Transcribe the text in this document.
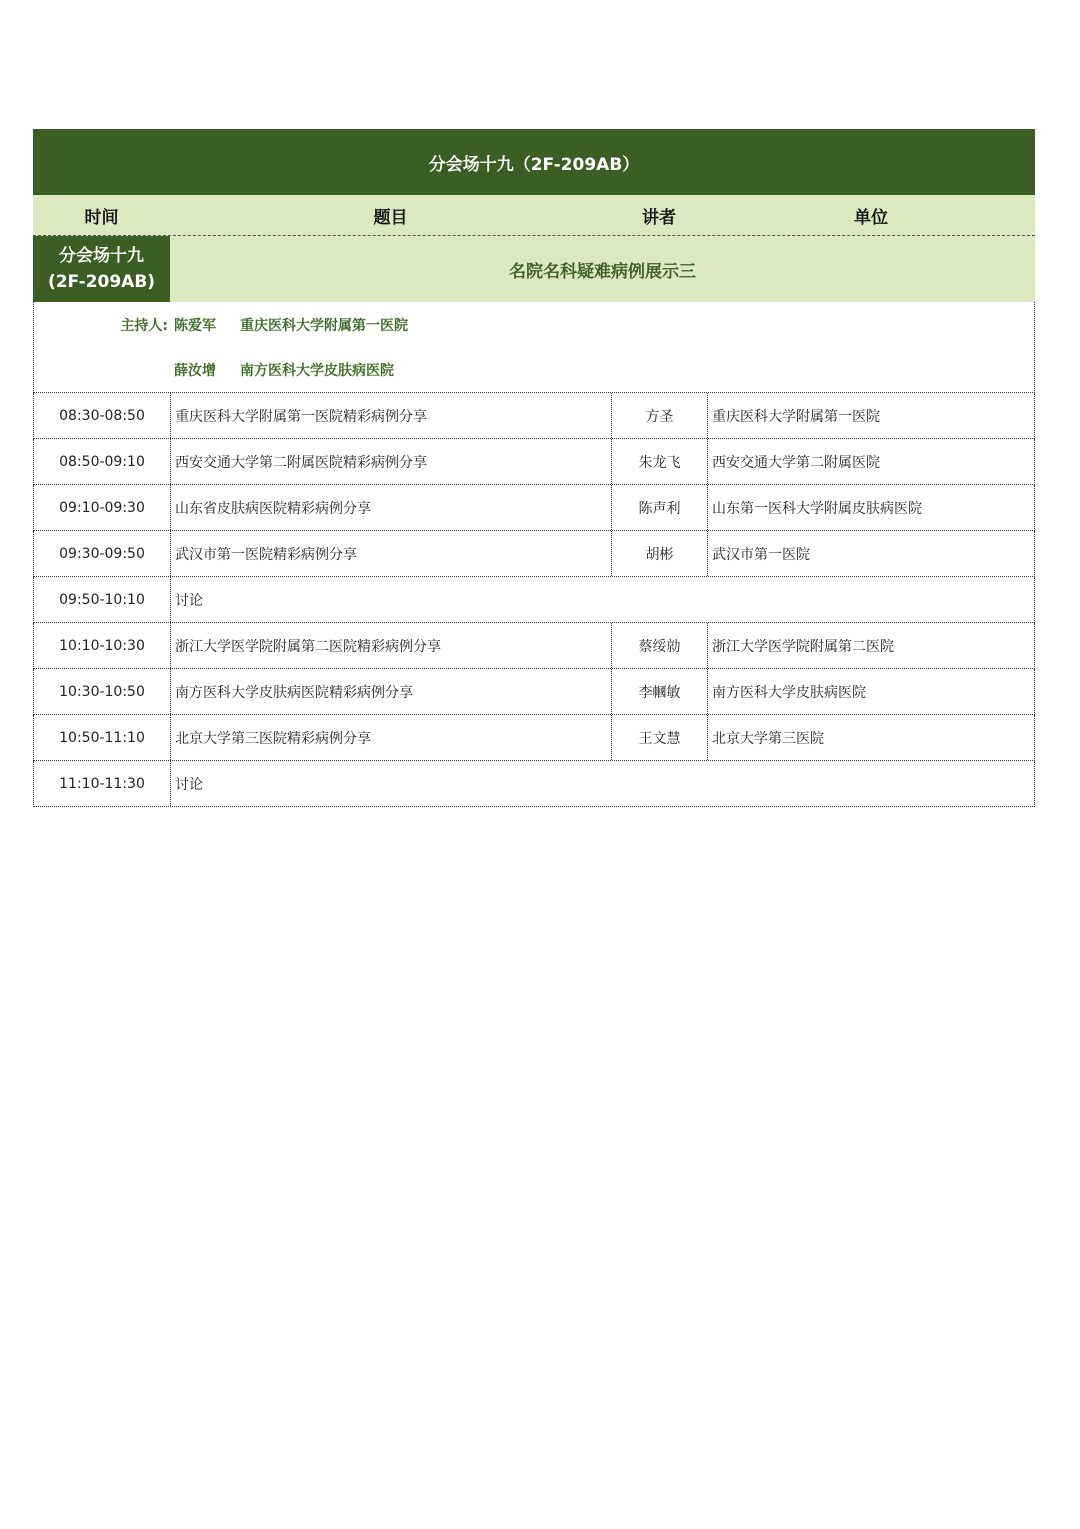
分会场十九（2F-209AB）
时间	题目	讲者	单位
分会场十九
(2F-209AB)
名院名科疑难病例展示三
主持人: 陈爱军	重庆医科大学附属第一医院
薛汝增	南方医科大学皮肤病医院
08:30-08:50	重庆医科大学附属第一医院精彩病例分享	方圣	重庆医科大学附属第一医院
08:50-09:10	西安交通大学第二附属医院精彩病例分享	朱龙飞	西安交通大学第二附属医院
09:10-09:30	山东省皮肤病医院精彩病例分享	陈声利	山东第一医科大学附属皮肤病医院
09:30-09:50	武汉市第一医院精彩病例分享	胡彬	武汉市第一医院
09:50-10:10	讨论
10:10-10:30	浙江大学医学院附属第二医院精彩病例分享	蔡绥勍	浙江大学医学院附属第二医院
10:30-10:50	南方医科大学皮肤病医院精彩病例分享	李幗敏	南方医科大学皮肤病医院
10:50-11:10	北京大学第三医院精彩病例分享	王文慧	北京大学第三医院
11:10-11:30	讨论
